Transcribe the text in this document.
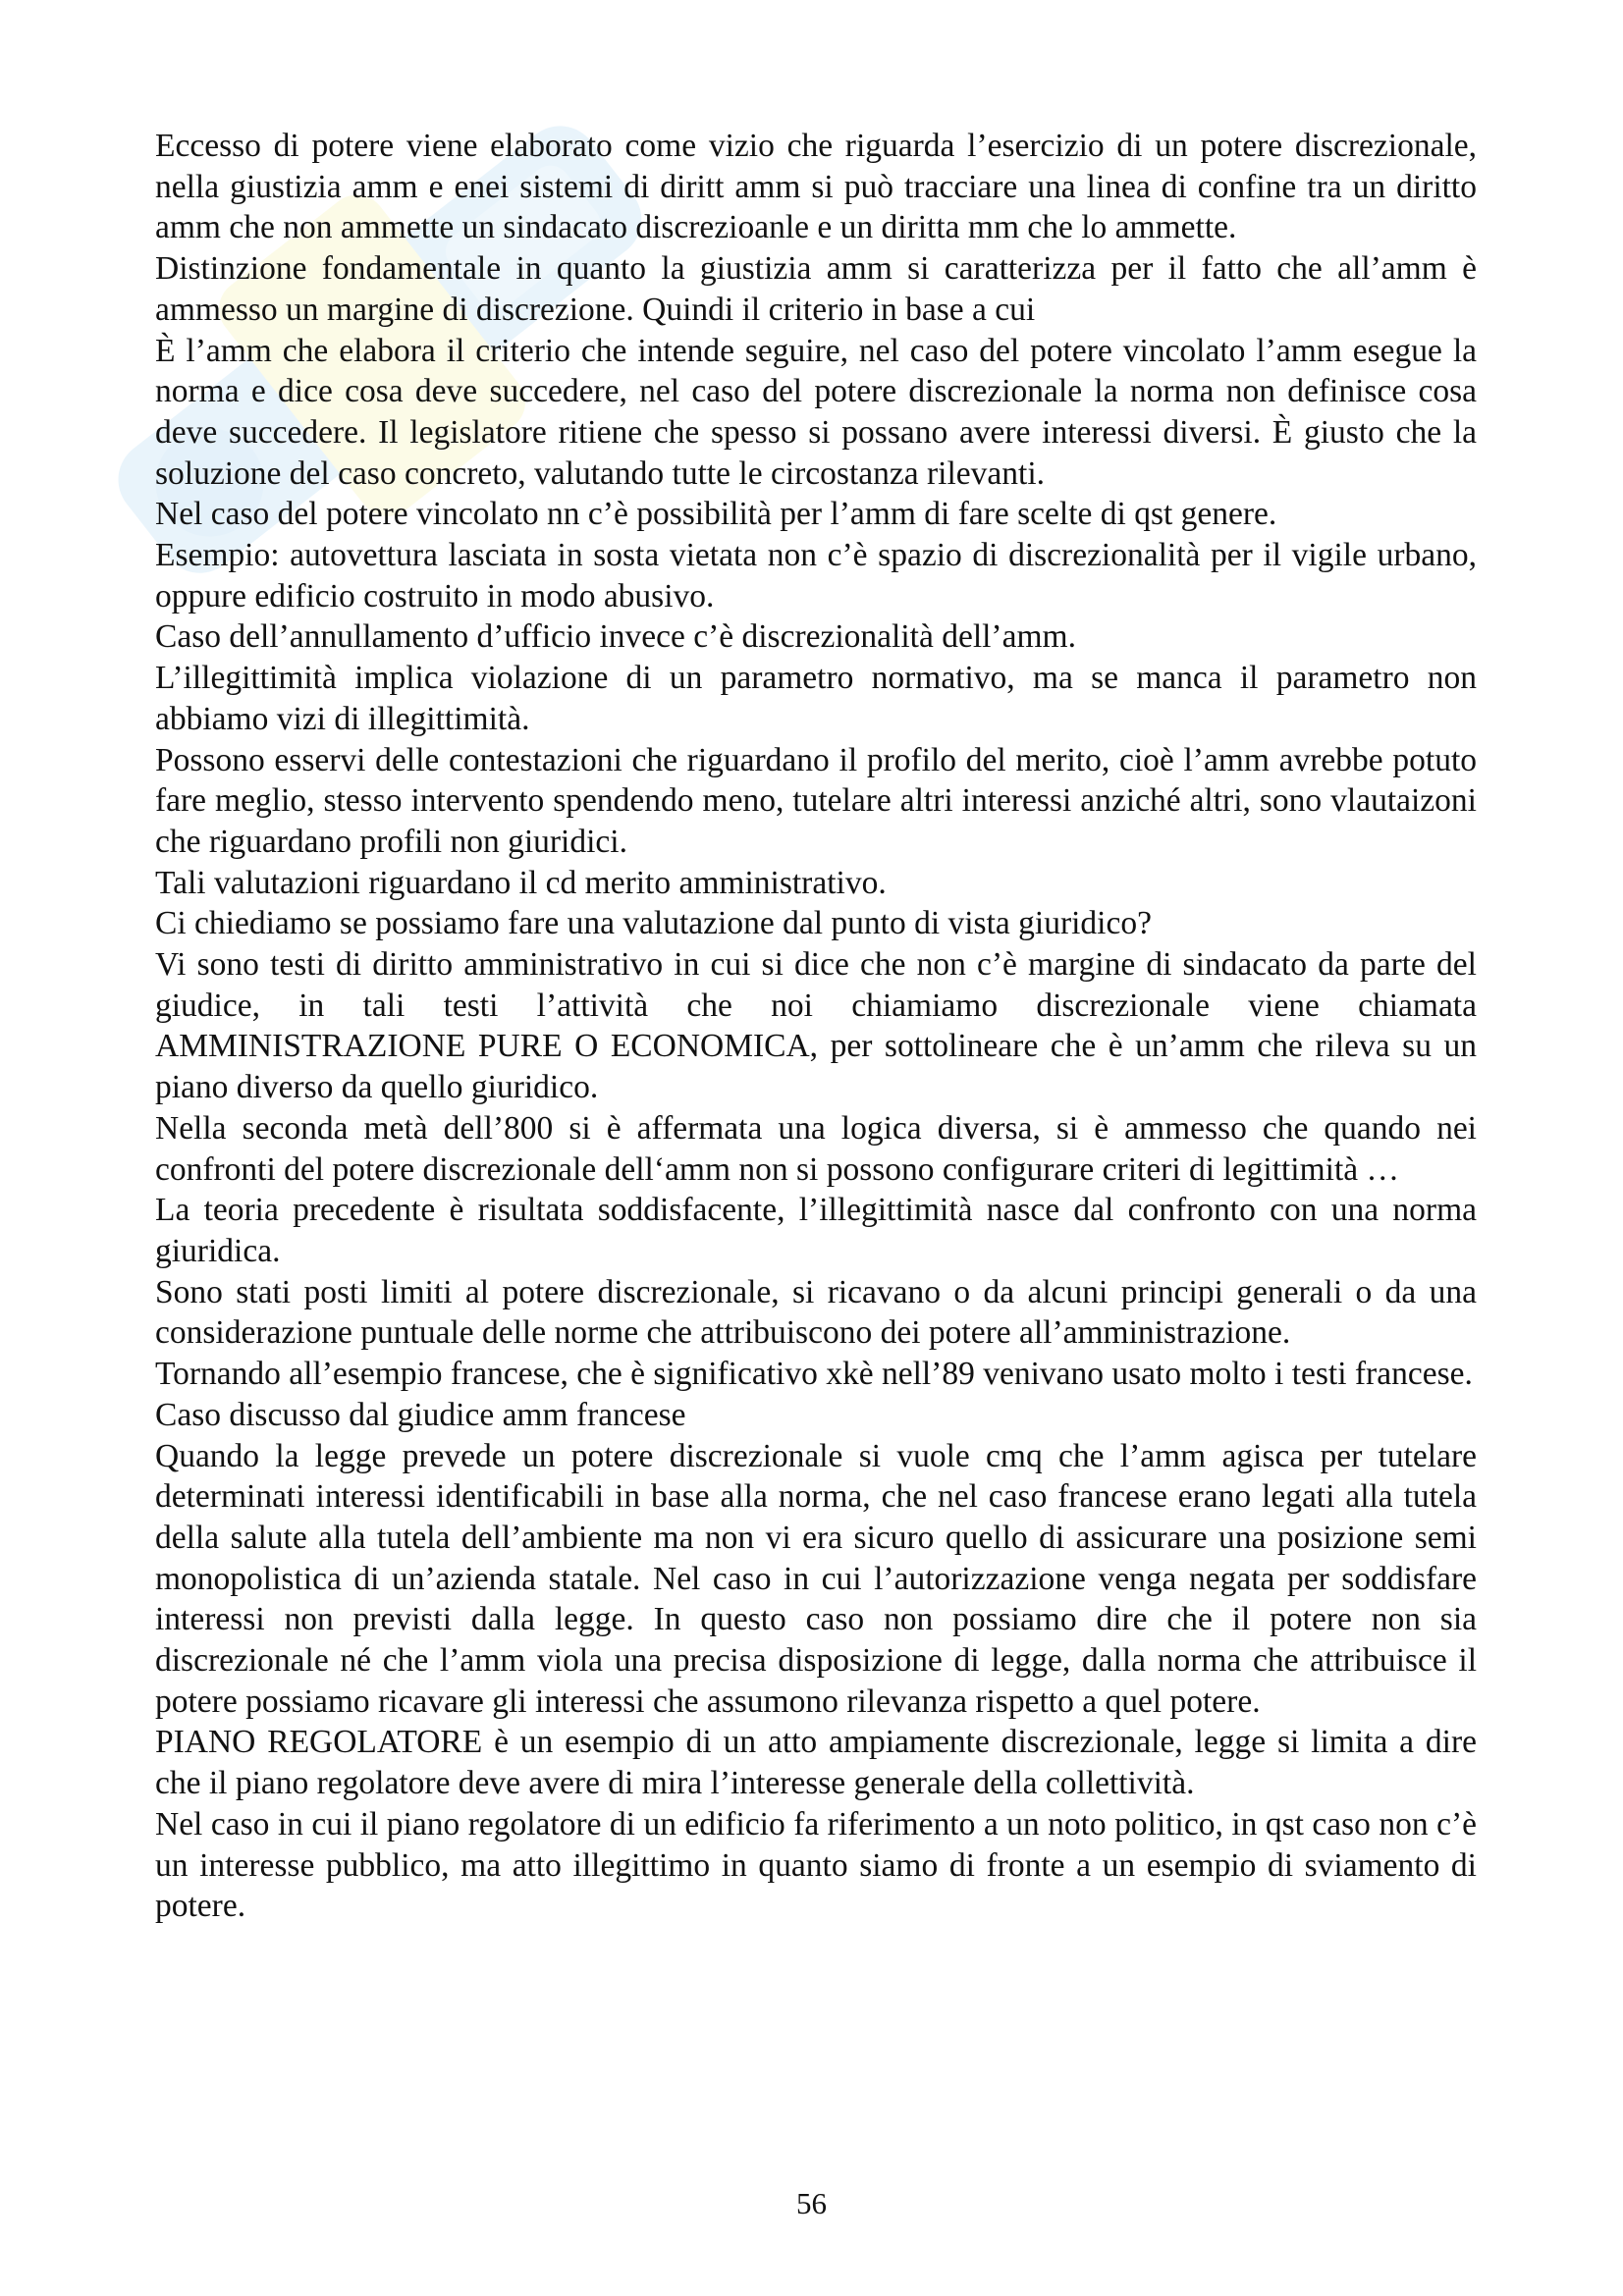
Eccesso di potere viene elaborato come vizio che riguarda l’esercizio di un potere discrezionale, nella giustizia amm e enei sistemi di diritt amm si può tracciare una linea di confine tra un diritto amm che non ammette un sindacato discrezioanle e un diritta mm che lo ammette.

Distinzione fondamentale in quanto la giustizia amm si caratterizza per il fatto che all’amm è ammesso un margine di discrezione. Quindi il criterio in base a cui

È l’amm che elabora il criterio che intende seguire, nel caso del potere vincolato l’amm esegue la norma e dice cosa deve succedere, nel caso del potere discrezionale la norma non definisce cosa deve succedere. Il legislatore ritiene che spesso si possano avere interessi diversi. È giusto che la soluzione del caso concreto, valutando tutte le circostanza rilevanti.

Nel caso del potere vincolato nn c’è possibilità per l’amm di fare scelte di qst genere.

Esempio: autovettura lasciata in sosta vietata non c’è spazio di discrezionalità per il vigile urbano, oppure edificio costruito in modo abusivo.

Caso dell’annullamento d’ufficio invece c’è discrezionalità dell’amm.

L’illegittimità implica violazione di un parametro normativo, ma se manca il parametro non abbiamo vizi di illegittimità.

Possono esservi delle contestazioni che riguardano il profilo del merito, cioè l’amm avrebbe potuto fare meglio, stesso intervento spendendo meno, tutelare altri interessi anziché altri, sono vlautaizoni che riguardano profili non giuridici.

Tali valutazioni riguardano il cd merito amministrativo.

Ci chiediamo se possiamo fare una valutazione dal punto di vista giuridico?

Vi sono testi di diritto amministrativo in cui si dice che non c’è margine di sindacato da parte del giudice, in tali testi l’attività che noi chiamiamo discrezionale viene chiamata AMMINISTRAZIONE PURE O ECONOMICA, per sottolineare che è un’amm che rileva su un piano diverso da quello giuridico.

Nella seconda metà dell’800 si è affermata una logica diversa, si è ammesso che quando nei confronti del potere discrezionale dell‘amm non si possono configurare criteri di legittimità …

La teoria precedente è risultata soddisfacente, l’illegittimità nasce dal confronto con una norma giuridica.

Sono stati posti limiti al potere discrezionale, si ricavano o da alcuni principi generali o da una considerazione puntuale delle norme che attribuiscono dei potere all’amministrazione.

Tornando all’esempio francese, che è significativo xkè nell’89 venivano usato molto i testi francese.

Caso discusso dal giudice amm francese

Quando la legge prevede un potere discrezionale si vuole cmq che l’amm agisca per tutelare determinati interessi identificabili in base alla norma, che nel caso francese erano legati alla tutela della salute alla tutela dell’ambiente ma non vi era sicuro quello di assicurare una posizione semi monopolistica di un’azienda statale. Nel caso in cui l’autorizzazione venga negata per soddisfare interessi non previsti dalla legge. In questo caso non possiamo dire che il potere non sia discrezionale né che l’amm viola una precisa disposizione di legge, dalla norma che attribuisce il potere possiamo ricavare gli interessi che assumono rilevanza rispetto a quel potere.

PIANO REGOLATORE è un esempio di un atto ampiamente discrezionale, legge si limita a dire che il piano regolatore deve avere di mira l’interesse generale della collettività.

Nel caso in cui il piano regolatore di un edificio fa riferimento a un noto politico, in qst caso non c’è un interesse pubblico, ma atto illegittimo in quanto siamo di fronte a un esempio di sviamento di potere.

56
